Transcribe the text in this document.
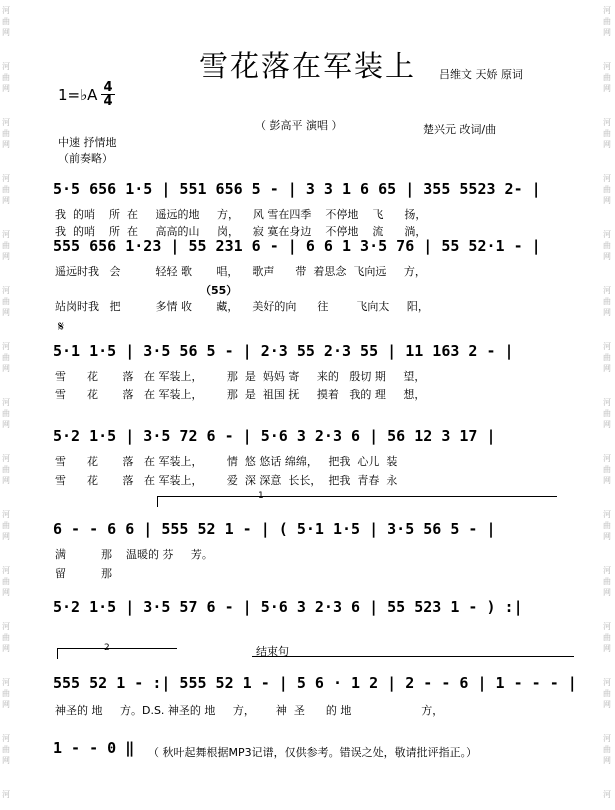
河
曲
网
河
曲
网
河
曲
网
河
曲
网
河
曲
网
河
曲
网
河
曲
网
河
曲
网
河
曲
网
河
曲
网
河
曲
网
河
曲
网
河
曲
网
河
曲
网
河
河
曲
网
河
曲
网
河
曲
网
河
曲
网
河
曲
网
河
曲
网
河
曲
网
河
曲
网
河
曲
网
河
曲
网
河
曲
网
河
曲
网
河
曲
网
河
曲
网
河
雪花落在军装上	吕维文 天娇 原词
（ 彭高平 演唱 ）	楚兴元 改词/曲
1=♭A 4
4
中速 抒情地
（前奏略）
5·5 656 1·5 | 551 656 5 - | 3 3 1 6 65 | 355 5523 2- |
我  的哨    所  在     遥远的地     方，    风 雪在四季    不停地    飞      扬，
我  的哨    所  在     高高的山     岗，    寂 寞在身边    不停地    流      淌，
555 656 1·23 | 55 231 6 - | 6 6 1 3·5 76 | 55 52·1 - |
遥远时我   会          轻轻 歌       唱，    歌声      带  着思念  飞向远     方，
（55）
站岗时我   把          多情 收       藏，    美好的向      往        飞向太     阳，
𝄋
5·1 1·5 | 3·5 56 5 - | 2·3 55 2·3 55 | 11 163 2 - |
雪      花       落   在 军装上，       那  是  妈妈 寄     来的   殷切 期     望，
雪      花       落   在 军装上，       那  是  祖国 抚     摸着   我的 理     想，
5·2 1·5 | 3·5 72 6 - | 5·6 3 2·3 6 | 56 12 3 17 |
雪      花       落   在 军装上，       情  悠 悠话 绵绵，   把我  心儿  装
雪      花       落   在 军装上，       爱  深 深意  长长，  把我  青春  永
1
6 - - 6 6 | 555 52 1 - | ( 5·1 1·5 | 3·5 56 5 - |
满          那    温暖的 芬     芳。
留          那
5·2 1·5 | 3·5 57 6 - | 5·6 3 2·3 6 | 55 523 1 - ) :|
2	结束句
555 52 1 - :| 555 52 1 - | 5 6 · 1 2 | 2 - - 6 | 1 - - - |
神圣的 地     方。D.S. 神圣的 地     方，      神  圣      的 地                    方，
1 - - 0 ‖	（ 秋叶起舞根据MP3记谱，仅供参考。错误之处，敬请批评指正。）
